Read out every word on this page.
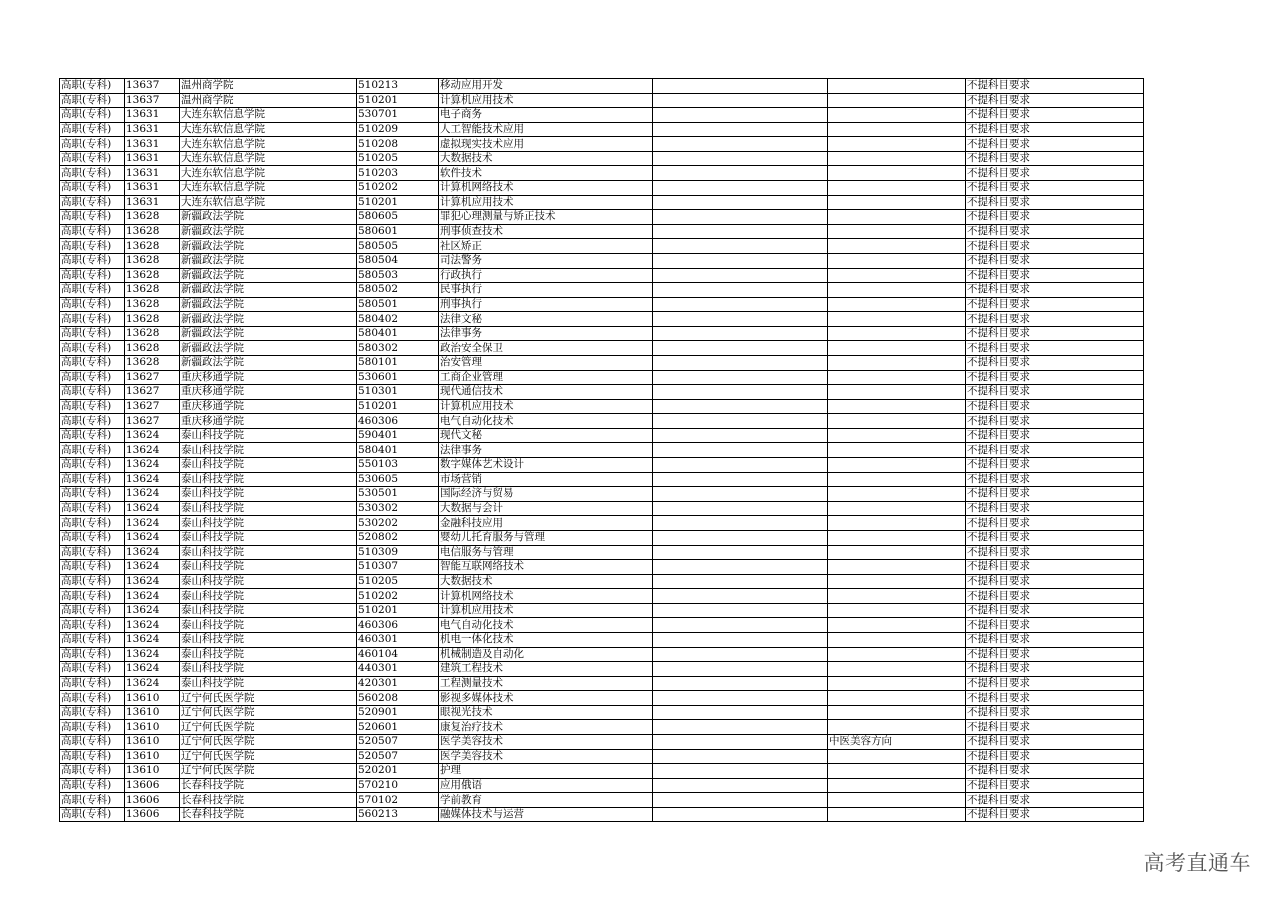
高职(专科)	13637	温州商学院	510213	移动应用开发			不提科目要求
高职(专科)	13637	温州商学院	510201	计算机应用技术			不提科目要求
高职(专科)	13631	大连东软信息学院	530701	电子商务			不提科目要求
高职(专科)	13631	大连东软信息学院	510209	人工智能技术应用			不提科目要求
高职(专科)	13631	大连东软信息学院	510208	虚拟现实技术应用			不提科目要求
高职(专科)	13631	大连东软信息学院	510205	大数据技术			不提科目要求
高职(专科)	13631	大连东软信息学院	510203	软件技术			不提科目要求
高职(专科)	13631	大连东软信息学院	510202	计算机网络技术			不提科目要求
高职(专科)	13631	大连东软信息学院	510201	计算机应用技术			不提科目要求
高职(专科)	13628	新疆政法学院	580605	罪犯心理测量与矫正技术			不提科目要求
高职(专科)	13628	新疆政法学院	580601	刑事侦查技术			不提科目要求
高职(专科)	13628	新疆政法学院	580505	社区矫正			不提科目要求
高职(专科)	13628	新疆政法学院	580504	司法警务			不提科目要求
高职(专科)	13628	新疆政法学院	580503	行政执行			不提科目要求
高职(专科)	13628	新疆政法学院	580502	民事执行			不提科目要求
高职(专科)	13628	新疆政法学院	580501	刑事执行			不提科目要求
高职(专科)	13628	新疆政法学院	580402	法律文秘			不提科目要求
高职(专科)	13628	新疆政法学院	580401	法律事务			不提科目要求
高职(专科)	13628	新疆政法学院	580302	政治安全保卫			不提科目要求
高职(专科)	13628	新疆政法学院	580101	治安管理			不提科目要求
高职(专科)	13627	重庆移通学院	530601	工商企业管理			不提科目要求
高职(专科)	13627	重庆移通学院	510301	现代通信技术			不提科目要求
高职(专科)	13627	重庆移通学院	510201	计算机应用技术			不提科目要求
高职(专科)	13627	重庆移通学院	460306	电气自动化技术			不提科目要求
高职(专科)	13624	泰山科技学院	590401	现代文秘			不提科目要求
高职(专科)	13624	泰山科技学院	580401	法律事务			不提科目要求
高职(专科)	13624	泰山科技学院	550103	数字媒体艺术设计			不提科目要求
高职(专科)	13624	泰山科技学院	530605	市场营销			不提科目要求
高职(专科)	13624	泰山科技学院	530501	国际经济与贸易			不提科目要求
高职(专科)	13624	泰山科技学院	530302	大数据与会计			不提科目要求
高职(专科)	13624	泰山科技学院	530202	金融科技应用			不提科目要求
高职(专科)	13624	泰山科技学院	520802	婴幼儿托育服务与管理			不提科目要求
高职(专科)	13624	泰山科技学院	510309	电信服务与管理			不提科目要求
高职(专科)	13624	泰山科技学院	510307	智能互联网络技术			不提科目要求
高职(专科)	13624	泰山科技学院	510205	大数据技术			不提科目要求
高职(专科)	13624	泰山科技学院	510202	计算机网络技术			不提科目要求
高职(专科)	13624	泰山科技学院	510201	计算机应用技术			不提科目要求
高职(专科)	13624	泰山科技学院	460306	电气自动化技术			不提科目要求
高职(专科)	13624	泰山科技学院	460301	机电一体化技术			不提科目要求
高职(专科)	13624	泰山科技学院	460104	机械制造及自动化			不提科目要求
高职(专科)	13624	泰山科技学院	440301	建筑工程技术			不提科目要求
高职(专科)	13624	泰山科技学院	420301	工程测量技术			不提科目要求
高职(专科)	13610	辽宁何氏医学院	560208	影视多媒体技术			不提科目要求
高职(专科)	13610	辽宁何氏医学院	520901	眼视光技术			不提科目要求
高职(专科)	13610	辽宁何氏医学院	520601	康复治疗技术			不提科目要求
高职(专科)	13610	辽宁何氏医学院	520507	医学美容技术		中医美容方向	不提科目要求
高职(专科)	13610	辽宁何氏医学院	520507	医学美容技术			不提科目要求
高职(专科)	13610	辽宁何氏医学院	520201	护理			不提科目要求
高职(专科)	13606	长春科技学院	570210	应用俄语			不提科目要求
高职(专科)	13606	长春科技学院	570102	学前教育			不提科目要求
高职(专科)	13606	长春科技学院	560213	融媒体技术与运营			不提科目要求
高考直通车
